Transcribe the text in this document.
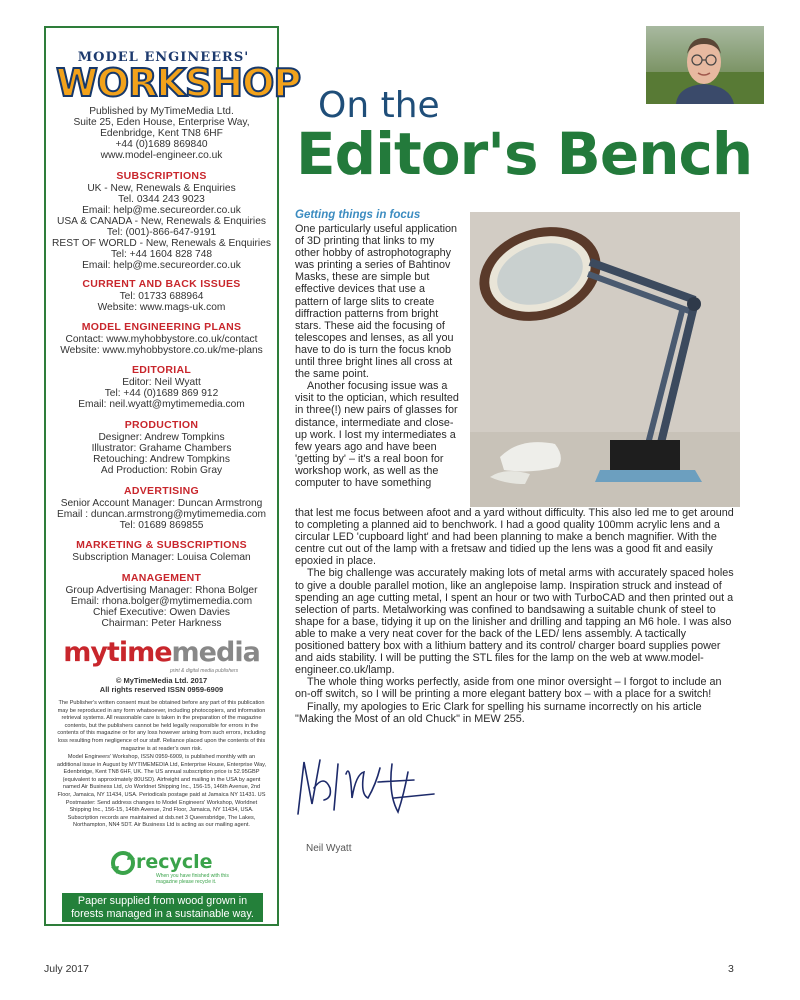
MODEL ENGINEERS'
WORKSHOP
Published by MyTimeMedia Ltd.
Suite 25, Eden House, Enterprise Way,
Edenbridge, Kent TN8 6HF
+44 (0)1689 869840
www.model-engineer.co.uk
SUBSCRIPTIONS
UK - New, Renewals & Enquiries
Tel. 0344 243 9023
Email: help@me.secureorder.co.uk
USA & CANADA - New, Renewals & Enquiries
Tel: (001)-866-647-9191
REST OF WORLD - New, Renewals & Enquiries
Tel: +44 1604 828 748
Email: help@me.secureorder.co.uk
CURRENT AND BACK ISSUES
Tel: 01733 688964
Website: www.mags-uk.com
MODEL ENGINEERING PLANS
Contact: www.myhobbystore.co.uk/contact
Website: www.myhobbystore.co.uk/me-plans
EDITORIAL
Editor: Neil Wyatt
Tel: +44 (0)1689 869 912
Email: neil.wyatt@mytimemedia.com
PRODUCTION
Designer: Andrew Tompkins
Illustrator: Grahame Chambers
Retouching: Andrew Tompkins
Ad Production: Robin Gray
ADVERTISING
Senior Account Manager: Duncan Armstrong
Email : duncan.armstrong@mytimemedia.com
Tel: 01689 869855
MARKETING & SUBSCRIPTIONS
Subscription Manager: Louisa Coleman
MANAGEMENT
Group Advertising Manager: Rhona Bolger
Email: rhona.bolger@mytimemedia.com
Chief Executive: Owen Davies
Chairman: Peter Harkness
mytimemedia
print & digital media publishers
© MyTimeMedia Ltd. 2017
All rights reserved ISSN 0959-6909
The Publisher's written consent must be obtained before any part of this publication may be reproduced in any form whatsoever, including photocopiers, and information retrieval systems. All reasonable care is taken in the preparation of the magazine contents, but the publishers cannot be held legally responsible for errors in the contents of this magazine or for any loss however arising from such errors, including loss resulting from negligence of our staff. Reliance placed upon the contents of this magazine is at reader's own risk.
Model Engineers' Workshop, ISSN 0959-6909, is published monthly with an additional issue in August by MYTIMEMEDIA Ltd, Enterprise House, Enterprise Way, Edenbridge, Kent TN8 6HF, UK. The US annual subscription price is 52.95GBP (equivalent to approximately 80USD). Airfreight and mailing in the USA by agent named Air Business Ltd, c/o Worldnet Shipping Inc., 156-15, 146th Avenue, 2nd Floor, Jamaica, NY 11434, USA. Periodicals postage paid at Jamaica NY 11431. US Postmaster: Send address changes to Model Engineers' Workshop, Worldnet Shipping Inc., 156-15, 146th Avenue, 2nd Floor, Jamaica, NY 11434, USA. Subscription records are maintained at dsb.net 3 Queensbridge, The Lakes, Northampton, NN4 5DT. Air Business Ltd is acting as our mailing agent.
recycle
When you have finished with this magazine please recycle it.
Paper supplied from wood grown in forests managed in a sustainable way.
On the
Editor's Bench
Getting things in focus

One particularly useful application of 3D printing that links to my other hobby of astrophotography was printing a series of Bahtinov Masks, these are simple but effective devices that use a pattern of large slits to create diffraction patterns from bright stars. These aid the focusing of telescopes and lenses, as all you have to do is turn the focus knob until three bright lines all cross at the same point.

Another focusing issue was a visit to the optician, which resulted in three(!) new pairs of glasses for distance, intermediate and close-up work. I lost my intermediates a few years ago and have been 'getting by' – it's a real boon for workshop work, as well as the computer to have something

that lest me focus between afoot and a yard without difficulty. This also led me to get around to completing a planned aid to benchwork. I had a good quality 100mm acrylic lens and a circular LED 'cupboard light' and had been planning to make a bench magnifier. With the centre cut out of the lamp with a fretsaw and tidied up the lens was a good fit and easily epoxied in place.

The big challenge was accurately making lots of metal arms with accurately spaced holes to give a double parallel motion, like an anglepoise lamp. Inspiration struck and instead of spending an age cutting metal, I spent an hour or two with TurboCAD and then printed out a selection of parts. Metalworking was confined to bandsawing a suitable chunk of steel to shape for a base, tidying it up on the linisher and drilling and tapping an M6 hole. I was also able to make a very neat cover for the back of the LED/ lens assembly. A tactically positioned battery box with a lithium battery and its control/ charger board supplies power and aids stability. I will be putting the STL files for the lamp on the web at www.model-engineer.co.uk/lamp.

The whole thing works perfectly, aside from one minor oversight – I forgot to include an on-off switch, so I will be printing a more elegant battery box – with a place for a switch!

Finally, my apologies to Eric Clark for spelling his surname incorrectly on his article "Making the Most of an old Chuck" in MEW 255.

Neil Wyatt
July 2017	3
